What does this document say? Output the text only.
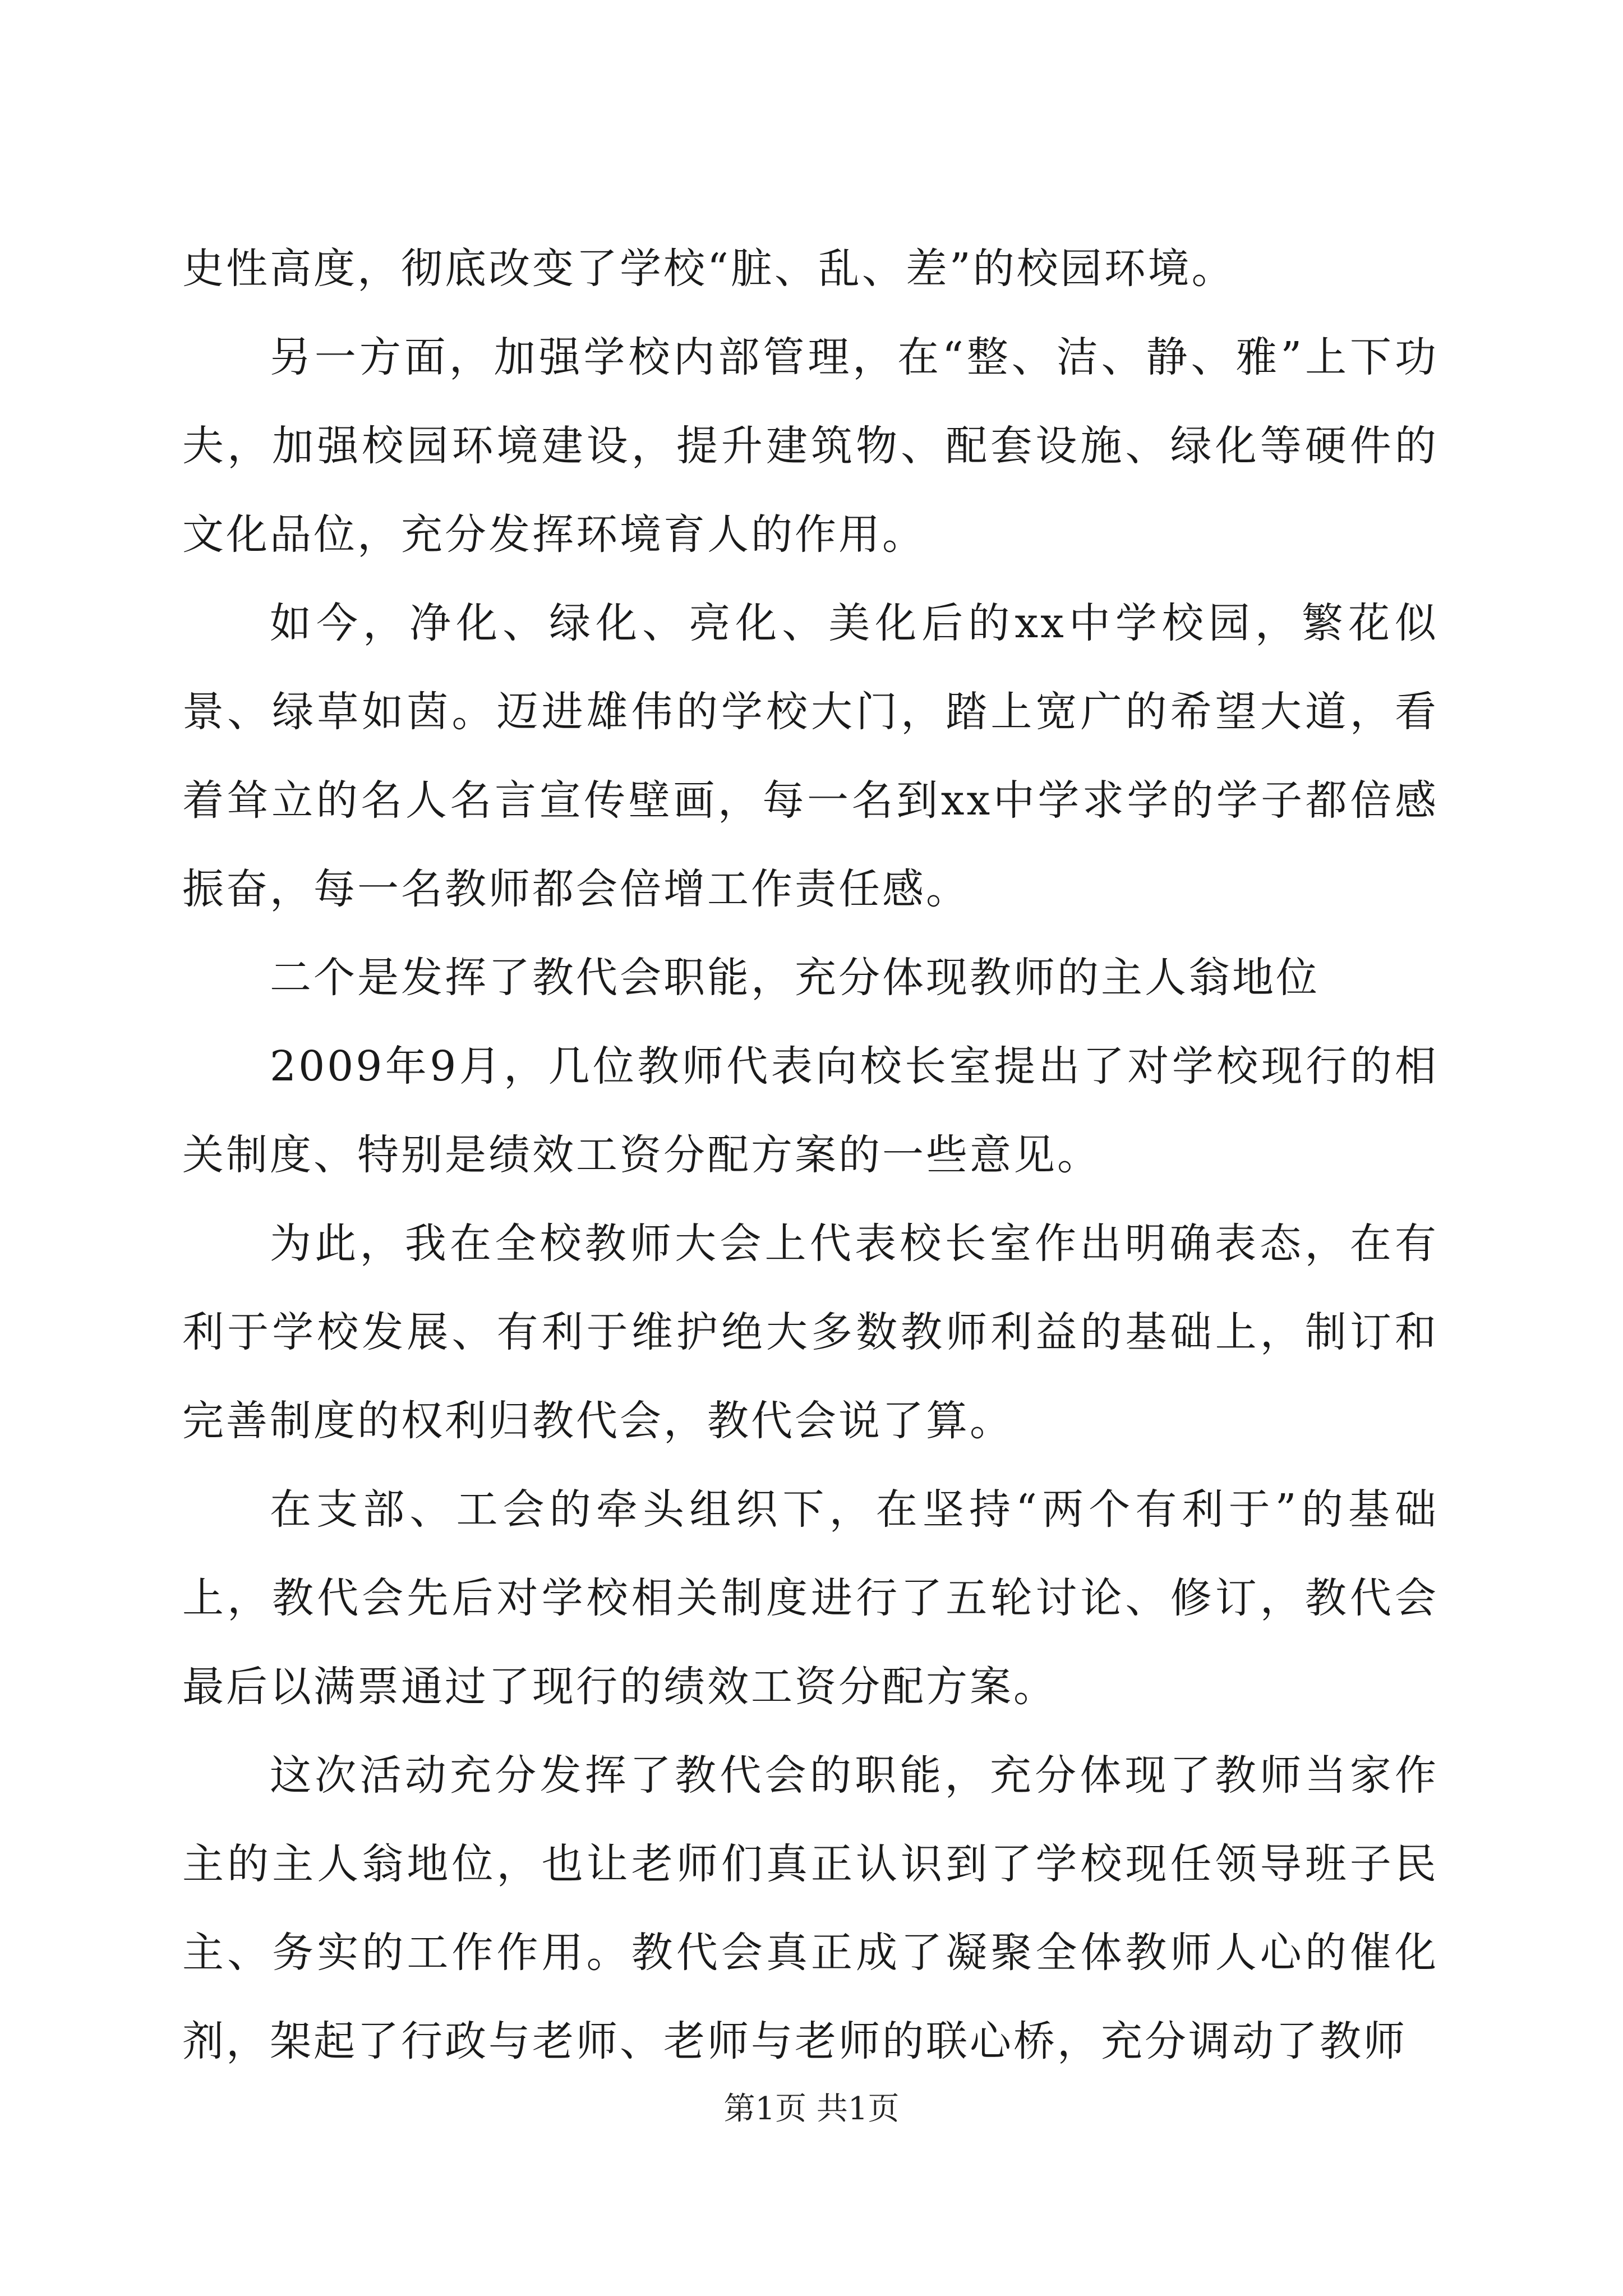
史性高度，彻底改变了学校“脏、乱、差”的校园环境。

另一方面，加强学校内部管理，在“整、洁、静、雅”上下功夫，加强校园环境建设，提升建筑物、配套设施、绿化等硬件的文化品位，充分发挥环境育人的作用。

如今，净化、绿化、亮化、美化后的xx中学校园，繁花似景、绿草如茵。迈进雄伟的学校大门，踏上宽广的希望大道，看着耸立的名人名言宣传壁画，每一名到xx中学求学的学子都倍感振奋，每一名教师都会倍增工作责任感。

二个是发挥了教代会职能，充分体现教师的主人翁地位

2009年9月，几位教师代表向校长室提出了对学校现行的相关制度、特别是绩效工资分配方案的一些意见。

为此，我在全校教师大会上代表校长室作出明确表态，在有利于学校发展、有利于维护绝大多数教师利益的基础上，制订和完善制度的权利归教代会，教代会说了算。

在支部、工会的牵头组织下，在坚持“两个有利于”的基础上，教代会先后对学校相关制度进行了五轮讨论、修订，教代会最后以满票通过了现行的绩效工资分配方案。

这次活动充分发挥了教代会的职能，充分体现了教师当家作主的主人翁地位，也让老师们真正认识到了学校现任领导班子民主、务实的工作作用。教代会真正成了凝聚全体教师人心的催化剂，架起了行政与老师、老师与老师的联心桥，充分调动了教师

第1页 共1页
